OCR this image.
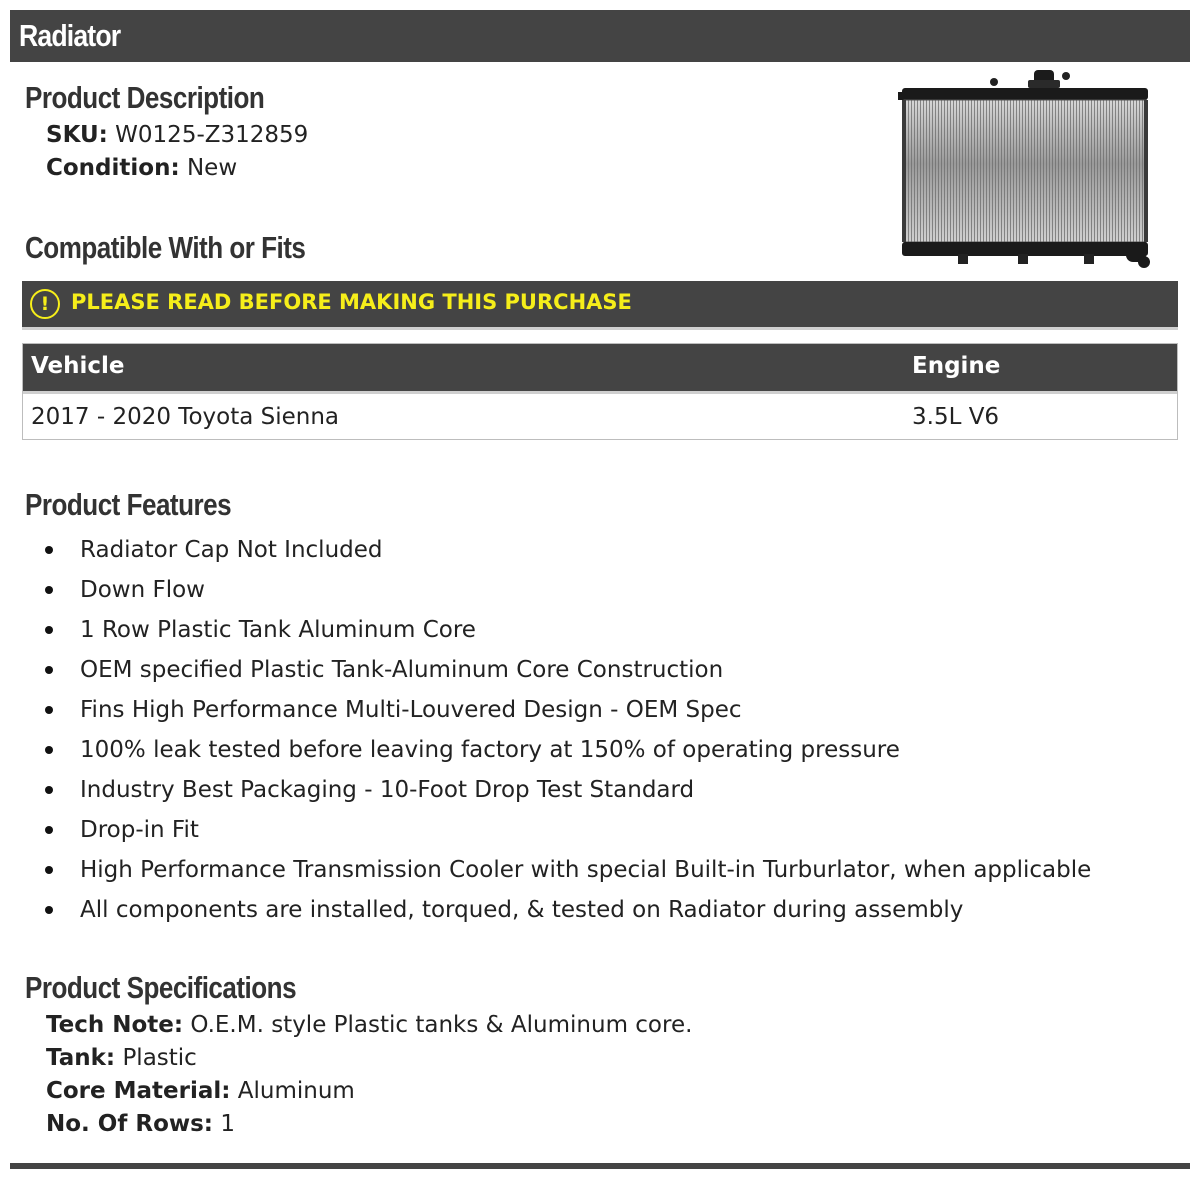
Radiator
Product Description
SKU: W0125-Z312859
Condition: New
Compatible With or Fits
!	PLEASE READ BEFORE MAKING THIS PURCHASE
Vehicle	Engine
2017 - 2020 Toyota Sienna	3.5L V6
Product Features
Radiator Cap Not Included
Down Flow
1 Row Plastic Tank Aluminum Core
OEM specified Plastic Tank-Aluminum Core Construction
Fins High Performance Multi-Louvered Design - OEM Spec
100% leak tested before leaving factory at 150% of operating pressure
Industry Best Packaging - 10-Foot Drop Test Standard
Drop-in Fit
High Performance Transmission Cooler with special Built-in Turburlator, when applicable
All components are installed, torqued, & tested on Radiator during assembly
Product Specifications
Tech Note: O.E.M. style Plastic tanks & Aluminum core.
Tank: Plastic
Core Material: Aluminum
No. Of Rows: 1
